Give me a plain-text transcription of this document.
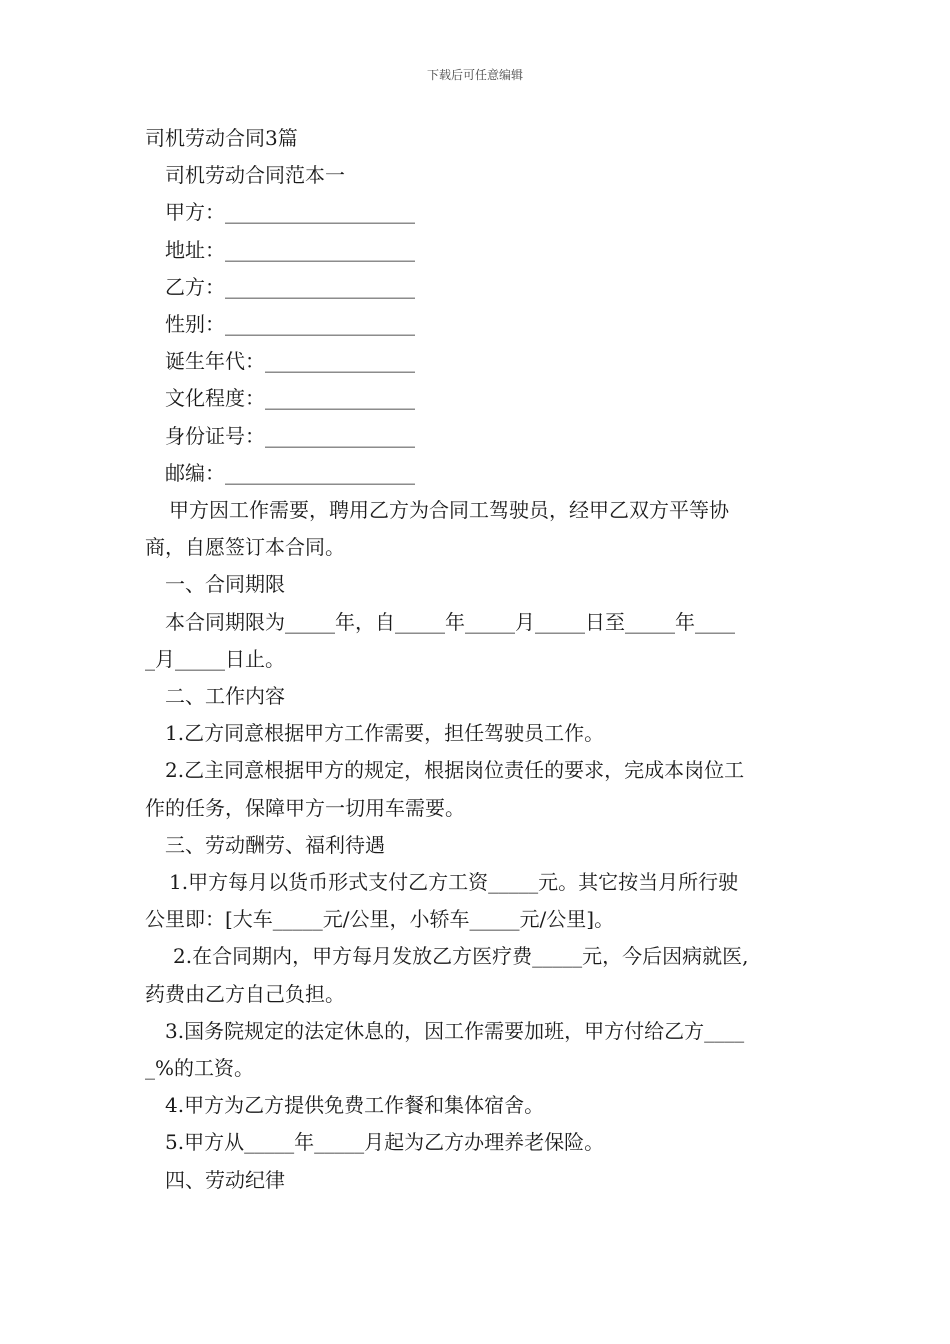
下载后可任意编辑
司机劳动合同3篇
司机劳动合同范本一
甲方：___________________
地址：___________________
乙方：___________________
性别：___________________
诞生年代：_______________
文化程度：_______________
身份证号：_______________
邮编：___________________
甲方因工作需要，聘用乙方为合同工驾驶员，经甲乙双方平等协
商，自愿签订本合同。
一、合同期限
本合同期限为_____年，自_____年_____月_____日至_____年____
_月_____日止。
二、工作内容
1.乙方同意根据甲方工作需要，担任驾驶员工作。
2.乙主同意根据甲方的规定，根据岗位责任的要求，完成本岗位工
作的任务，保障甲方一切用车需要。
三、劳动酬劳、福利待遇
1.甲方每月以货币形式支付乙方工资_____元。其它按当月所行驶
公里即：[大车_____元/公里，小轿车_____元/公里]。
2.在合同期内，甲方每月发放乙方医疗费_____元，今后因病就医,
药费由乙方自己负担。
3.国务院规定的法定休息的，因工作需要加班，甲方付给乙方____
_%的工资。
4.甲方为乙方提供免费工作餐和集体宿舍。
5.甲方从_____年_____月起为乙方办理养老保险。
四、劳动纪律
